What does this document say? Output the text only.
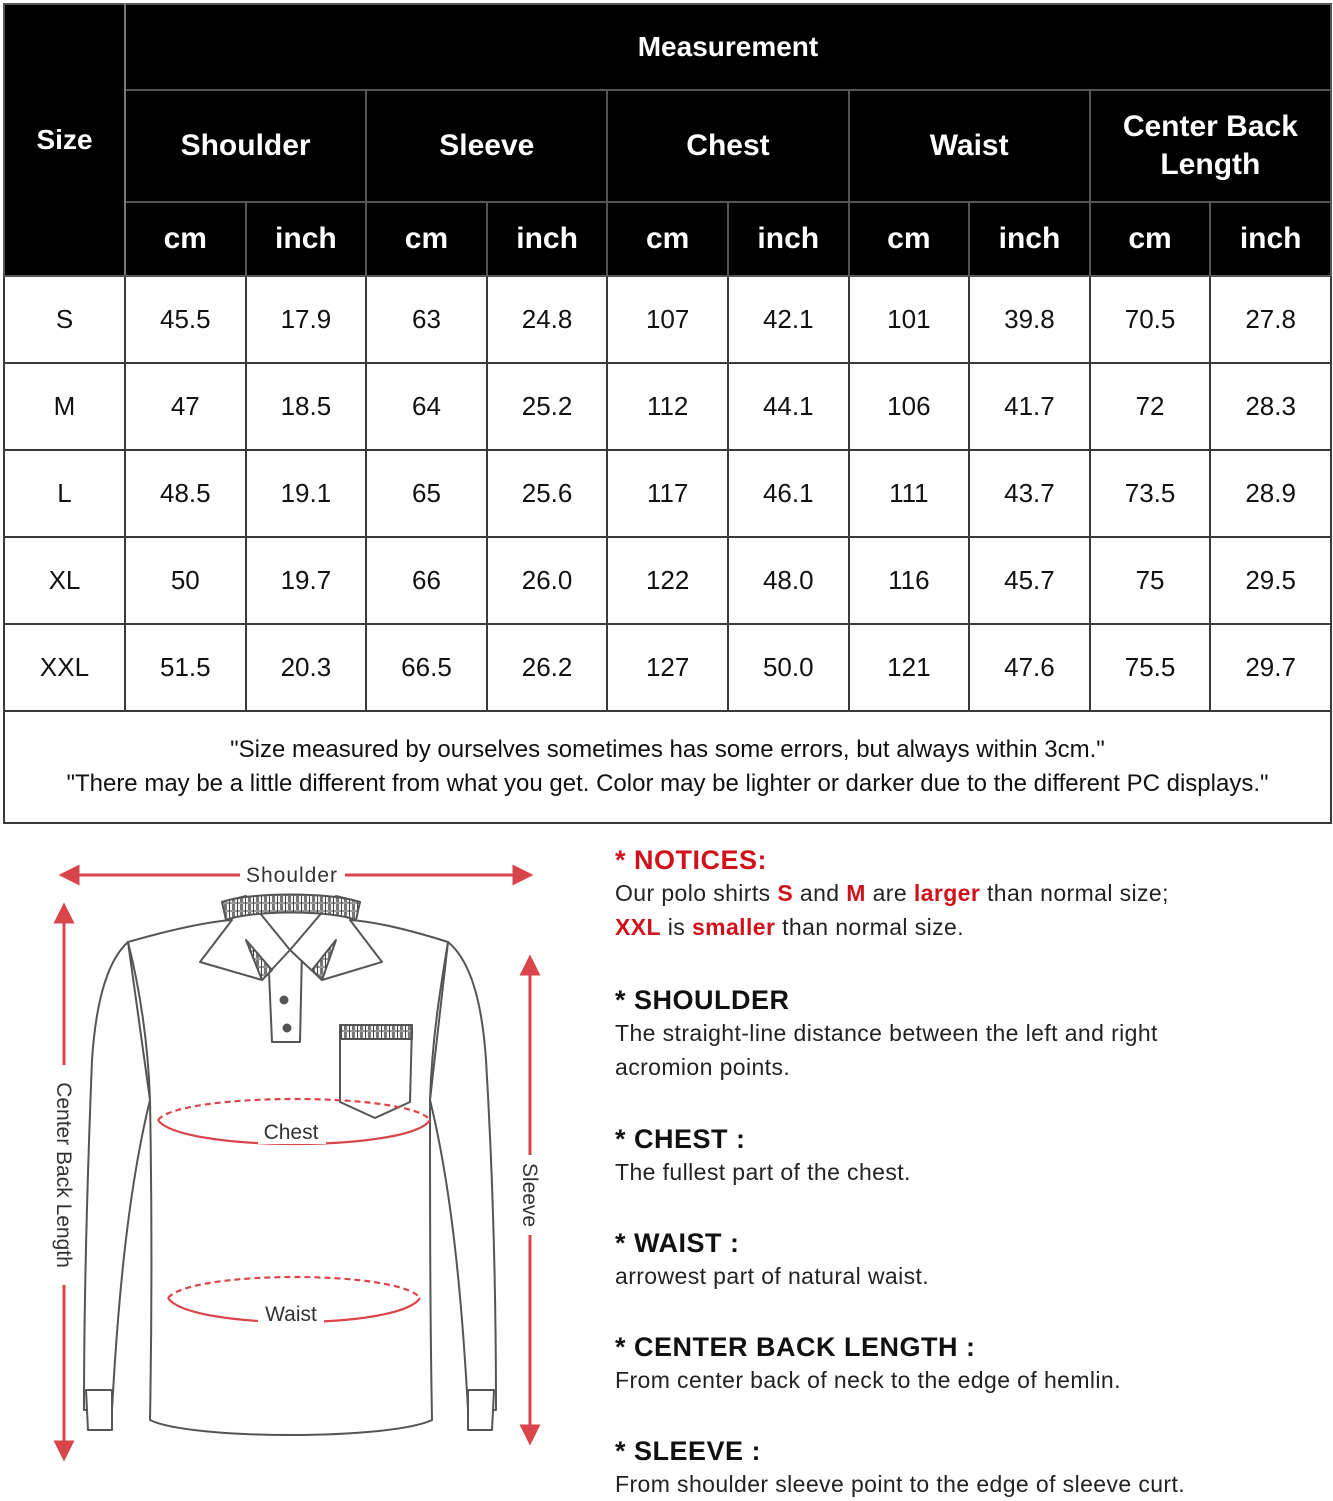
Size	Measurement									
	Shoulder		Sleeve		Chest		Waist		Center Back Length	
	cm	inch	cm	inch	cm	inch	cm	inch	cm	inch
S	45.5	17.9	63	24.8	107	42.1	101	39.8	70.5	27.8
M	47	18.5	64	25.2	112	44.1	106	41.7	72	28.3
L	48.5	19.1	65	25.6	117	46.1	111	43.7	73.5	28.9
XL	50	19.7	66	26.0	122	48.0	116	45.7	75	29.5
XXL	51.5	20.3	66.5	26.2	127	50.0	121	47.6	75.5	29.7

"Size measured by ourselves sometimes has some errors, but always within 3cm."
"There may be a little different from what you get. Color may be lighter or darker due to the different PC displays."										
Shoulder
Chest
Waist
Center Back Length	Sleeve
* NOTICES:
Our polo shirts S and M are larger than normal size;
XXL is smaller than normal size.
* SHOULDER
The straight-line distance between the left and right acromion points.
* CHEST :
The fullest part of the chest.
* WAIST :
arrowest part of natural waist.
* CENTER BACK LENGTH :
From center back of neck to the edge of hemlin.
* SLEEVE :
From shoulder sleeve point to the edge of sleeve curt.
